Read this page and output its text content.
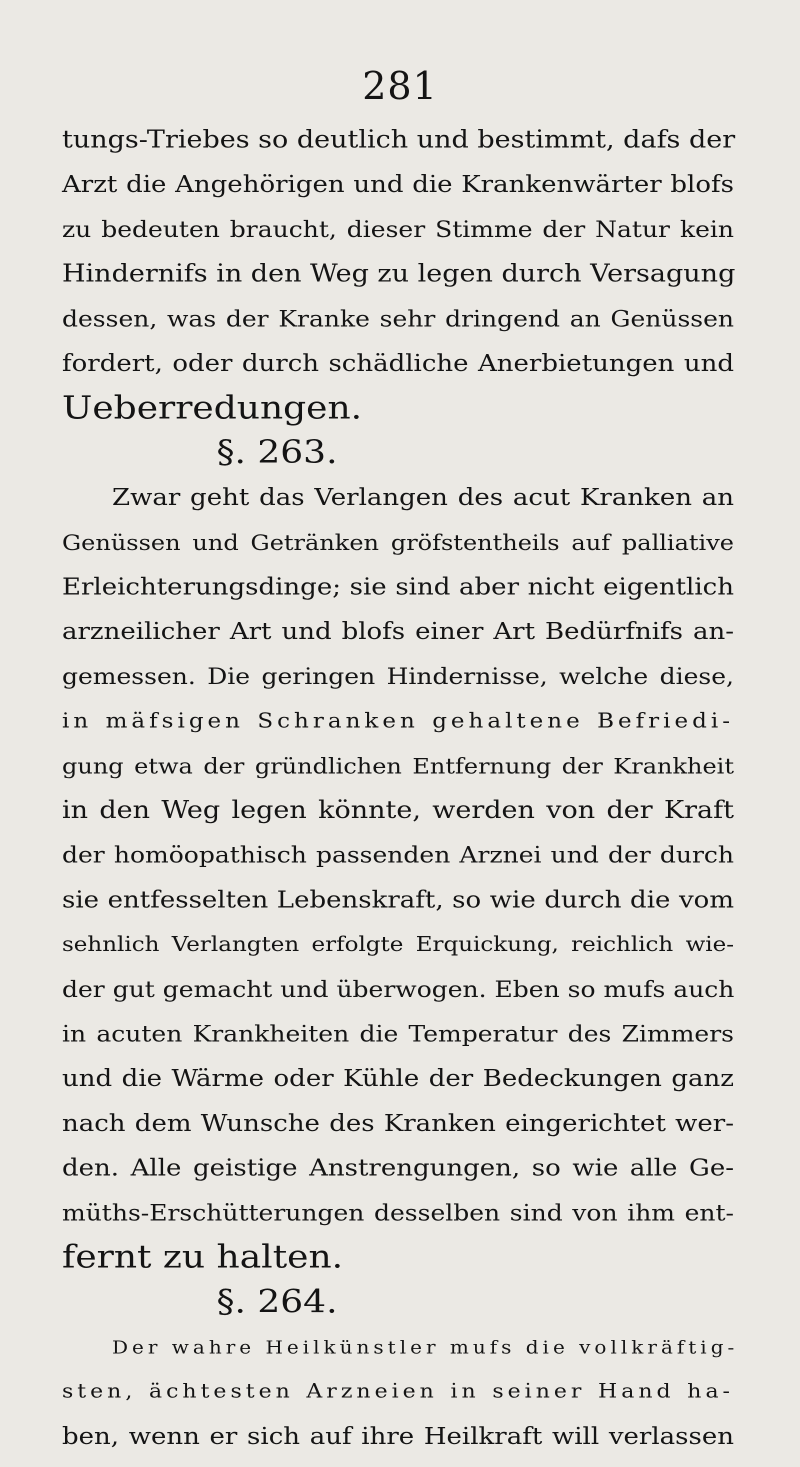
281
tungs-Triebes so deutlich und bestimmt, dafs der
Arzt die Angehörigen und die Krankenwärter blofs
zu bedeuten braucht, dieser Stimme der Natur kein
Hindernifs in den Weg zu legen durch Versagung
dessen, was der Kranke sehr dringend an Genüssen
fordert, oder durch schädliche Anerbietungen und
Ueberredungen.
§. 263.
Zwar geht das Verlangen des acut Kranken an
Genüssen und Getränken gröfstentheils auf palliative
Erleichterungsdinge; sie sind aber nicht eigentlich
arzneilicher Art und blofs einer Art Bedürfnifs an-
gemessen. Die geringen Hindernisse, welche diese,
in mäfsigen Schranken gehaltene Befriedi-
gung etwa der gründlichen Entfernung der Krankheit
in den Weg legen könnte, werden von der Kraft
der homöopathisch passenden Arznei und der durch
sie entfesselten Lebenskraft, so wie durch die vom
sehnlich Verlangten erfolgte Erquickung, reichlich wie-
der gut gemacht und überwogen. Eben so mufs auch
in acuten Krankheiten die Temperatur des Zimmers
und die Wärme oder Kühle der Bedeckungen ganz
nach dem Wunsche des Kranken eingerichtet wer-
den. Alle geistige Anstrengungen, so wie alle Ge-
müths-Erschütterungen desselben sind von ihm ent-
fernt zu halten.
§. 264.
Der wahre Heilkünstler mufs die vollkräftig-
sten, ächtesten Arzneien in seiner Hand ha-
ben, wenn er sich auf ihre Heilkraft will verlassen
